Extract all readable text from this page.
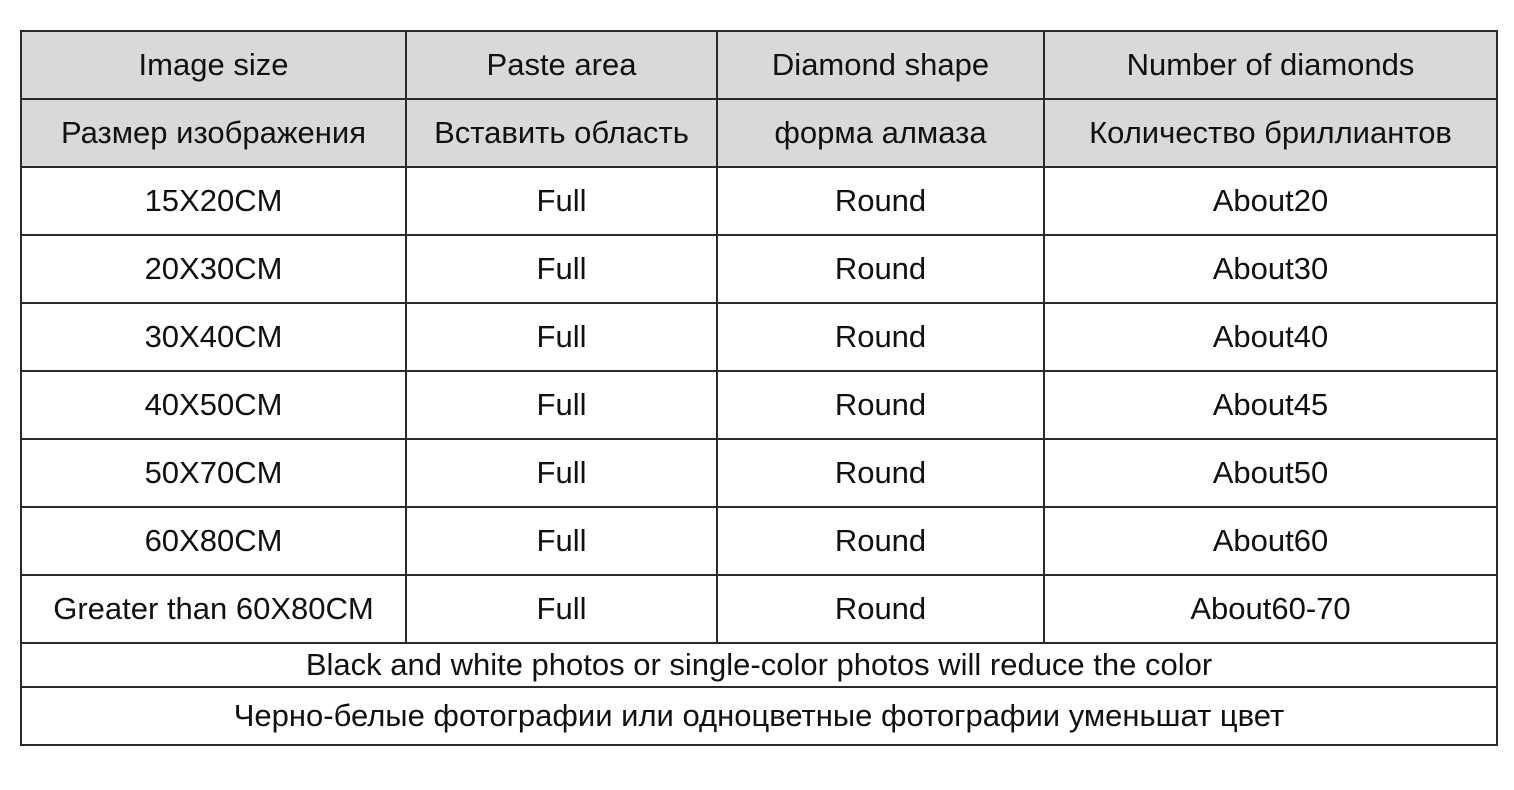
Image size	Paste area	Diamond shape	Number of diamonds
Размер изображения	Вставить область	форма алмаза	Количество бриллиантов
15X20CM	Full	Round	About20
20X30CM	Full	Round	About30
30X40CM	Full	Round	About40
40X50CM	Full	Round	About45
50X70CM	Full	Round	About50
60X80CM	Full	Round	About60
Greater than 60X80CM	Full	Round	About60-70
Black and white photos or single-color photos will reduce the color			
Черно-белые фотографии или одноцветные фотографии уменьшат цвет			
